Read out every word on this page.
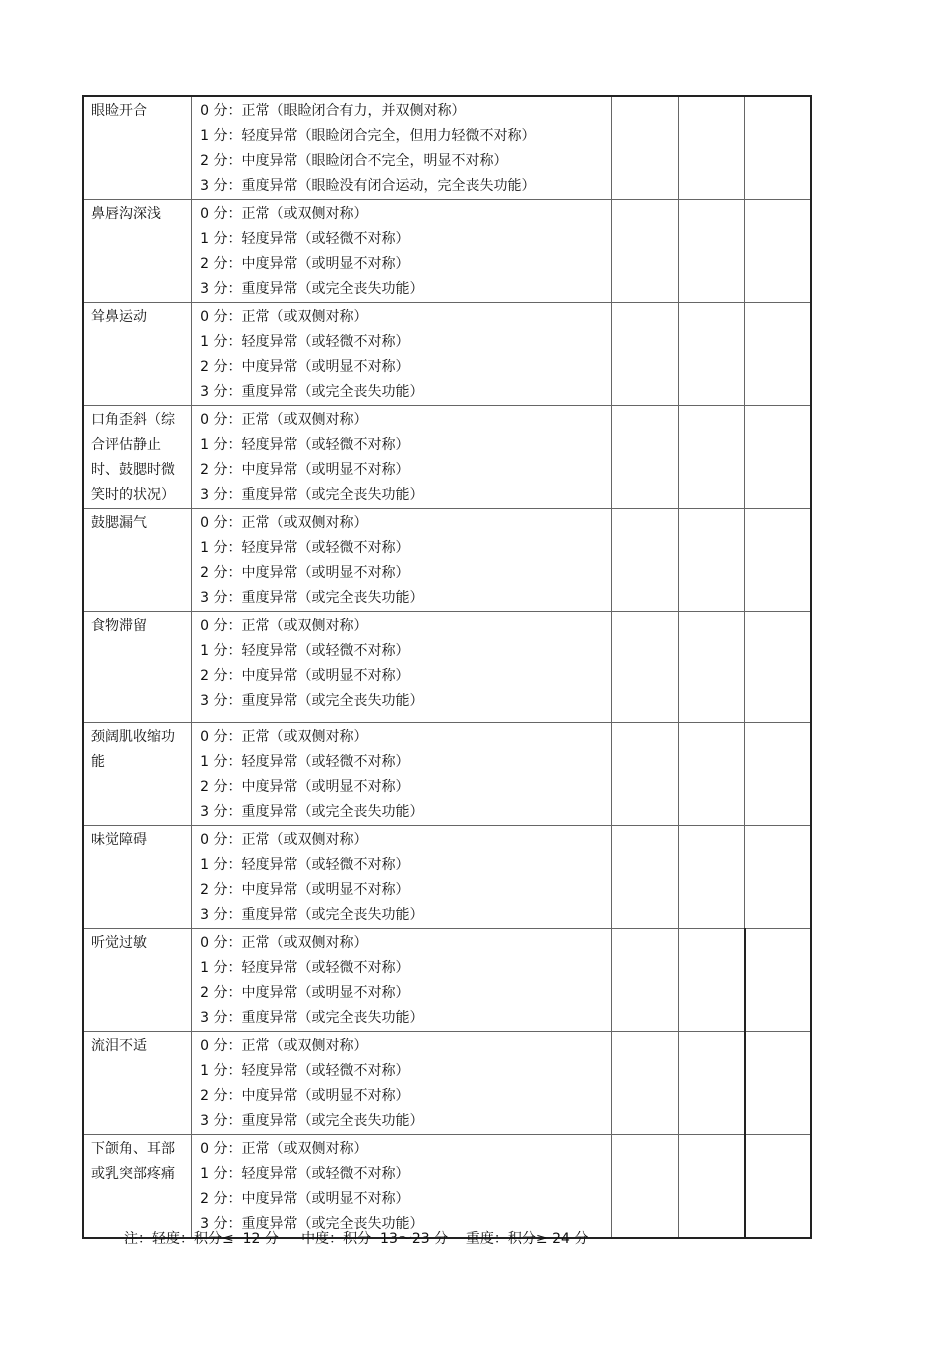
眼睑开合	0 分：正常（眼睑闭合有力，并双侧对称）
1 分：轻度异常（眼睑闭合完全，但用力轻微不对称）
2 分：中度异常（眼睑闭合不完全，明显不对称）
3 分：重度异常（眼睑没有闭合运动，完全丧失功能）			

鼻唇沟深浅	0 分：正常（或双侧对称）
1 分：轻度异常（或轻微不对称）
2 分：中度异常（或明显不对称）
3 分：重度异常（或完全丧失功能）			

耸鼻运动	0 分：正常（或双侧对称）
1 分：轻度异常（或轻微不对称）
2 分：中度异常（或明显不对称）
3 分：重度异常（或完全丧失功能）			

口角歪斜（综合评估静止时、鼓腮时微笑时的状况）	0 分：正常（或双侧对称）
1 分：轻度异常（或轻微不对称）
2 分：中度异常（或明显不对称）
3 分：重度异常（或完全丧失功能）			

鼓腮漏气	0 分：正常（或双侧对称）
1 分：轻度异常（或轻微不对称）
2 分：中度异常（或明显不对称）
3 分：重度异常（或完全丧失功能）			

食物滞留	0 分：正常（或双侧对称）
1 分：轻度异常（或轻微不对称）
2 分：中度异常（或明显不对称）
3 分：重度异常（或完全丧失功能）			

颈阔肌收缩功能	0 分：正常（或双侧对称）
1 分：轻度异常（或轻微不对称）
2 分：中度异常（或明显不对称）
3 分：重度异常（或完全丧失功能）			

味觉障碍	0 分：正常（或双侧对称）
1 分：轻度异常（或轻微不对称）
2 分：中度异常（或明显不对称）
3 分：重度异常（或完全丧失功能）			

听觉过敏	0 分：正常（或双侧对称）
1 分：轻度异常（或轻微不对称）
2 分：中度异常（或明显不对称）
3 分：重度异常（或完全丧失功能）			

流泪不适	0 分：正常（或双侧对称）
1 分：轻度异常（或轻微不对称）
2 分：中度异常（或明显不对称）
3 分：重度异常（或完全丧失功能）			

下颌角、耳部或乳突部疼痛	0 分：正常（或双侧对称）
1 分：轻度异常（或轻微不对称）
2 分：中度异常（或明显不对称）
3 分：重度异常（或完全丧失功能）			

注：轻度：积分≤  12 分     中度：积分  13～23 分    重度：积分≥ 24 分
